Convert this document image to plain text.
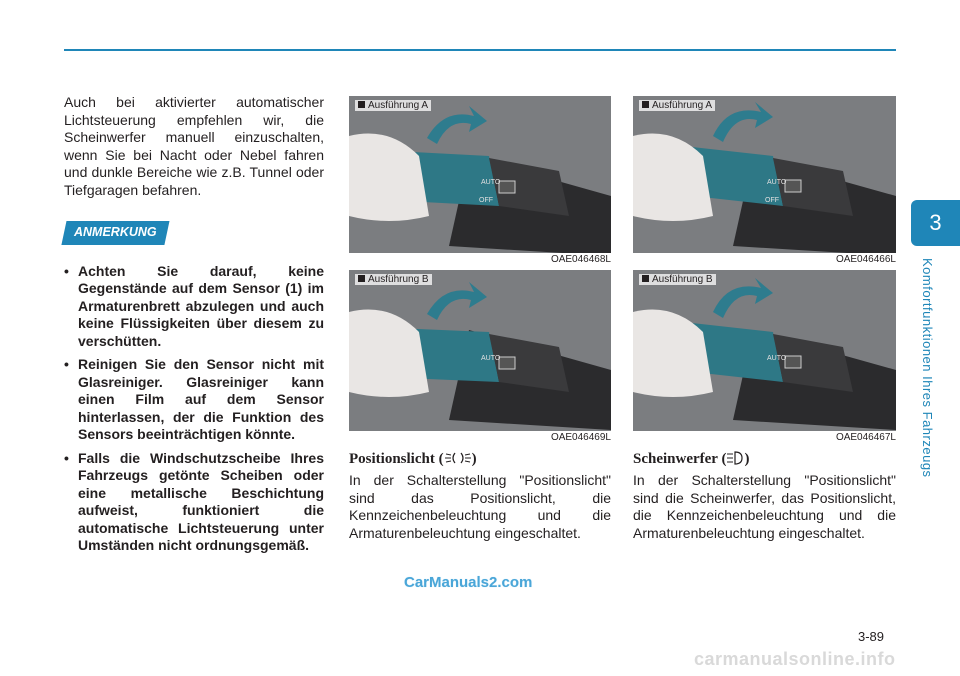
3
Komfortfunktionen Ihres Fahrzeugs

Auch bei aktivierter automatischer Lichtsteuerung empfehlen wir, die Scheinwerfer manuell einzuschalten, wenn Sie bei Nacht oder Nebel fahren und dunkle Bereiche wie z.B. Tunnel oder Tiefgaragen befahren.

ANMERKUNG
• Achten Sie darauf, keine Gegenstände auf dem Sensor (1) im Armaturenbrett abzulegen und auch keine Flüssigkeiten über diesem zu verschütten.
• Reinigen Sie den Sensor nicht mit Glasreiniger. Glasreiniger kann einen Film auf dem Sensor hinterlassen, der die Funktion des Sensors beeinträchtigen könnte.
• Falls die Windschutzscheibe Ihres Fahrzeugs getönte Scheiben oder eine metallische Beschichtung aufweist, funktioniert die automatische Lichtsteuerung unter Umständen nicht ordnungsgemäß.
AUTO
OFF
Ausführung A
OAE046468L
AUTO
Ausführung B
OAE046469L
AUTO
OFF
Ausführung A
OAE046466L
AUTO
Ausführung B
OAE046467L
Positionslicht ( )
In der Schalterstellung "Positionslicht" sind das Positionslicht, die Kennzeichenbeleuchtung und die Armaturenbeleuchtung eingeschaltet.
Scheinwerfer ( )
In der Schalterstellung "Positionslicht" sind die Scheinwerfer, das Positionslicht, die Kennzeichenbeleuchtung und die Armaturenbeleuchtung eingeschaltet.
CarManuals2.com
3-89
carmanualsonline.info
